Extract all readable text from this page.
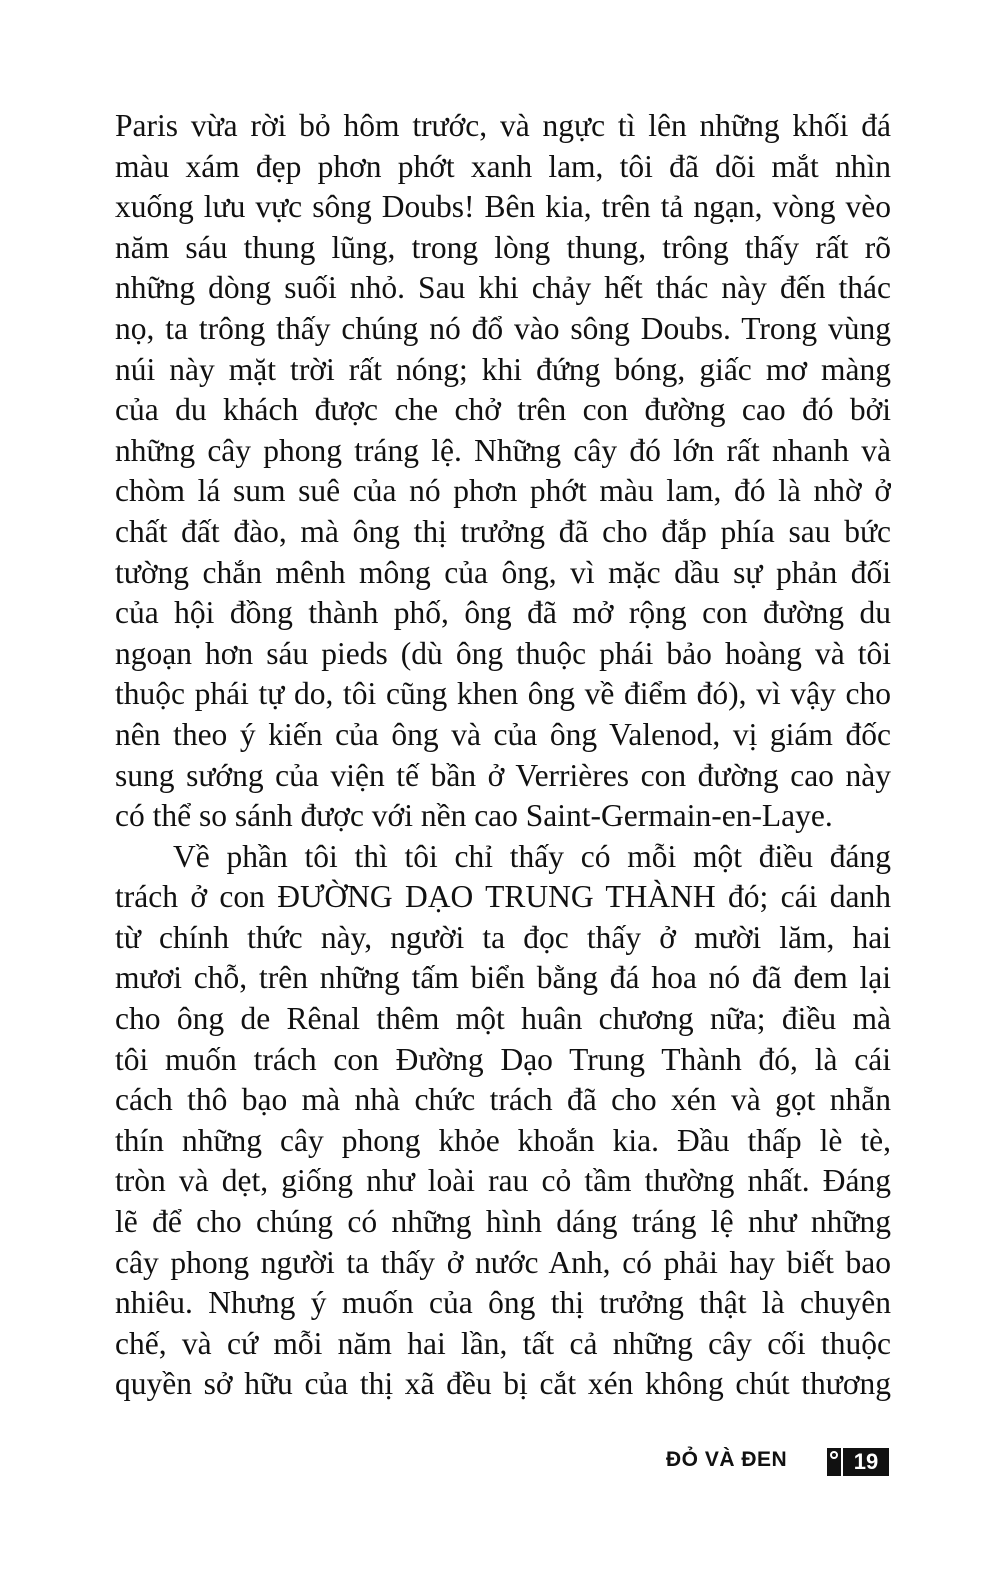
Paris vừa rời bỏ hôm trước, và ngực tì lên những khối đá
màu xám đẹp phơn phớt xanh lam, tôi đã dõi mắt nhìn
xuống lưu vực sông Doubs! Bên kia, trên tả ngạn, vòng vèo
năm sáu thung lũng, trong lòng thung, trông thấy rất rõ
những dòng suối nhỏ. Sau khi chảy hết thác này đến thác
nọ, ta trông thấy chúng nó đổ vào sông Doubs. Trong vùng
núi này mặt trời rất nóng; khi đứng bóng, giấc mơ màng
của du khách được che chở trên con đường cao đó bởi
những cây phong tráng lệ. Những cây đó lớn rất nhanh và
chòm lá sum suê của nó phơn phớt màu lam, đó là nhờ ở
chất đất đào, mà ông thị trưởng đã cho đắp phía sau bức
tường chắn mênh mông của ông, vì mặc dầu sự phản đối
của hội đồng thành phố, ông đã mở rộng con đường du
ngoạn hơn sáu pieds (dù ông thuộc phái bảo hoàng và tôi
thuộc phái tự do, tôi cũng khen ông về điểm đó), vì vậy cho
nên theo ý kiến của ông và của ông Valenod, vị giám đốc
sung sướng của viện tế bần ở Verrières con đường cao này
có thể so sánh được với nền cao Saint-Germain-en-Laye.
Về phần tôi thì tôi chỉ thấy có mỗi một điều đáng
trách ở con ĐƯỜNG DẠO TRUNG THÀNH đó; cái danh
từ chính thức này, người ta đọc thấy ở mười lăm, hai
mươi chỗ, trên những tấm biển bằng đá hoa nó đã đem lại
cho ông de Rênal thêm một huân chương nữa; điều mà
tôi muốn trách con Đường Dạo Trung Thành đó, là cái
cách thô bạo mà nhà chức trách đã cho xén và gọt nhẵn
thín những cây phong khỏe khoắn kia. Đầu thấp lè tè,
tròn và dẹt, giống như loài rau cỏ tầm thường nhất. Đáng
lẽ để cho chúng có những hình dáng tráng lệ như những
cây phong người ta thấy ở nước Anh, có phải hay biết bao
nhiêu. Nhưng ý muốn của ông thị trưởng thật là chuyên
chế, và cứ mỗi năm hai lần, tất cả những cây cối thuộc
quyền sở hữu của thị xã đều bị cắt xén không chút thương
ĐỎ VÀ ĐEN	19
